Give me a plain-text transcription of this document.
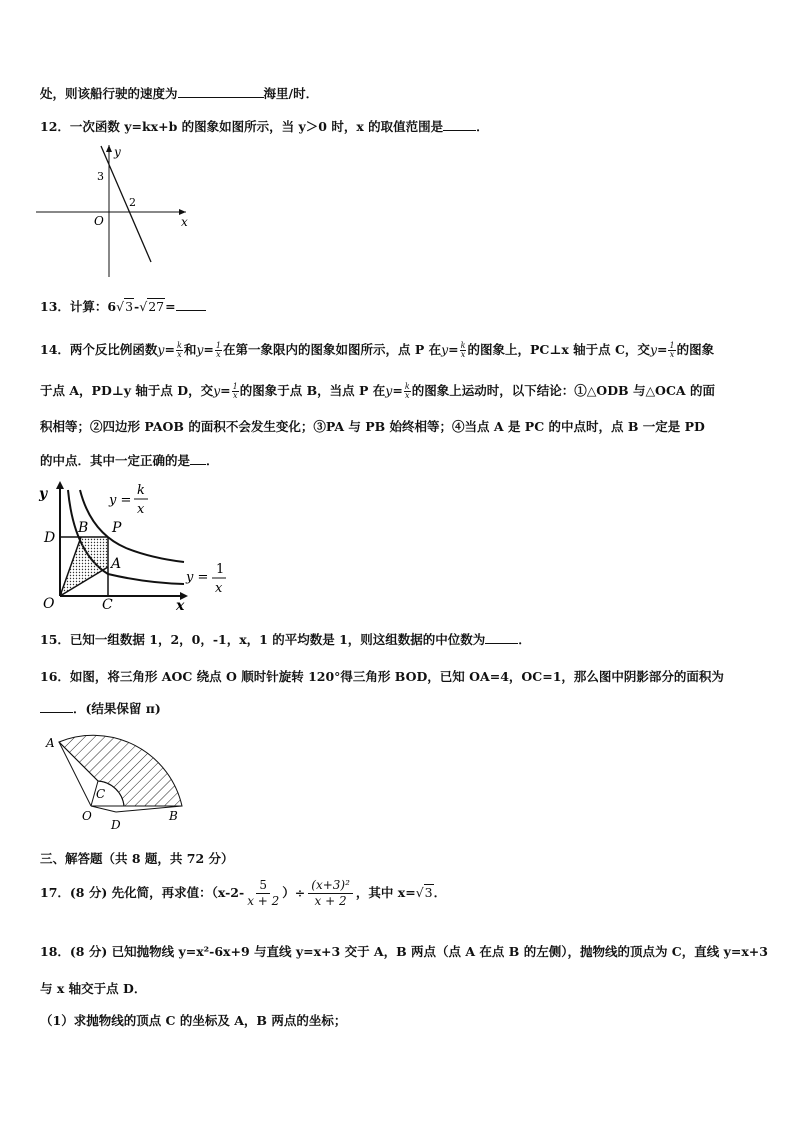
处，则该船行驶的速度为	海里/时．
12．一次函数 y=kx+b 的图象如图所示，当 y＞0 时，x 的取值范围是	．
y
x
O
3
2
13．计算：6√3-√27=
14．两个反比例函数$y= \frac{k}{x}$ 和$y= \frac{1}{x}$ 在第一象限内的图象如图所示，点 P 在$y= \frac{k}{x}$ 的图象上，PC⊥x 轴于点 C，交$y= \frac{1}{x}$ 的图象
于点 A，PD⊥y 轴于点 D，交$y= \frac{1}{x}$ 的图象于点 B，当点 P 在$y= \frac{k}{x}$ 的图象上运动时，以下结论：①△ODB 与△OCA 的面
积相等；②四边形 PAOB 的面积不会发生变化；③PA 与 PB 始终相等；④当点 A 是 PC 的中点时，点 B 一定是 PD
的中点．其中一定正确的是 ．
y
x
O	C
D
B P
A
y =
k
x
y =
1
x
15．已知一组数据 1，2，0，-1，x，1 的平均数是 1，则这组数据的中位数为	．
16．如图，将三角形 AOC 绕点 O 顺时针旋转 120°得三角形 BOD，已知 OA=4，OC=1，那么图中阴影部分的面积为
．(结果保留 π)
A
C
O
D
B
三、解答题（共 8 题，共 72 分）
17．(8 分) 先化简，再求值：（$x-2- \frac{5}{x + 2}$ ）÷ $\frac{\text{(x+3)²}}{x + 2}$ ，其中 x=√3．
18．(8 分) 已知抛物线 y=x²-6x+9 与直线 y=x+3 交于 A，B 两点（点 A 在点 B 的左侧），抛物线的顶点为 C，直线 y=x+3
与 x 轴交于点 D．
（1）求抛物线的顶点 C 的坐标及 A，B 两点的坐标；
